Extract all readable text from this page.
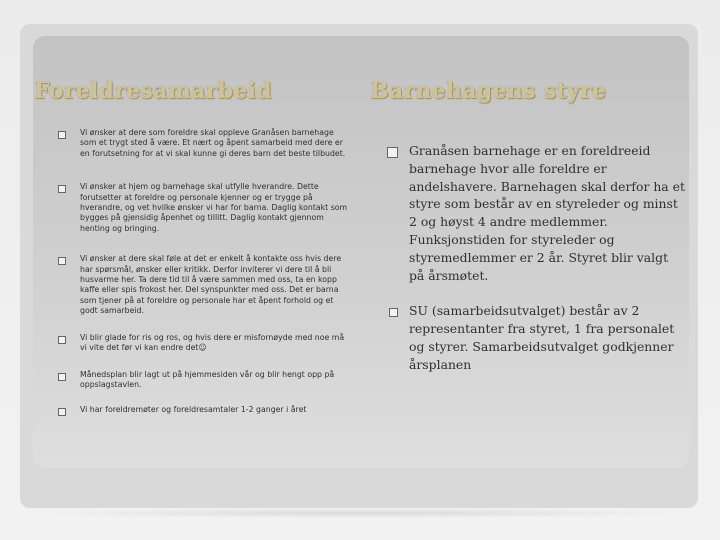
Foreldresamarbeid	Barnehagens styre
Vi ønsker at dere som foreldre skal oppleve Granåsen barnehage som et trygt sted å være. Et nært og åpent samarbeid med dere er en forutsetning for at vi skal kunne gi deres barn det beste tilbudet.
Vi ønsker at hjem og barnehage skal utfylle hverandre. Dette forutsetter at foreldre og personale kjenner og er trygge på hverandre, og vet hvilke ønsker vi har for barna. Daglig kontakt som bygges på gjensidig åpenhet og tillitt. Daglig kontakt gjennom henting og bringing.
Vi ønsker at dere skal føle at det er enkelt å kontakte oss hvis dere har spørsmål, ønsker eller kritikk. Derfor inviterer vi dere til å bli husvarme her. Ta dere tid til å være sammen med oss, ta en kopp kaffe eller spis frokost her. Del synspunkter med oss. Det er barna som tjener på at foreldre og personale har et åpent forhold og et godt samarbeid.
Vi blir glade for ris og ros, og hvis dere er misfornøyde med noe må vi vite det før vi kan endre det☺
Månedsplan blir lagt ut på hjemmesiden vår og blir hengt opp på oppslagstavlen.
Vi har foreldremøter og foreldresamtaler 1-2 ganger i året
Granåsen barnehage er en foreldreeid barnehage hvor alle foreldre er andelshavere. Barnehagen skal derfor ha et styre som består av en styreleder og minst 2 og høyst 4 andre medlemmer. Funksjonstiden for styreleder og styremedlemmer er 2 år. Styret blir valgt på årsmøtet.
SU (samarbeidsutvalget) består av 2 representanter fra styret, 1 fra personalet og styrer. Samarbeidsutvalget godkjenner årsplanen
